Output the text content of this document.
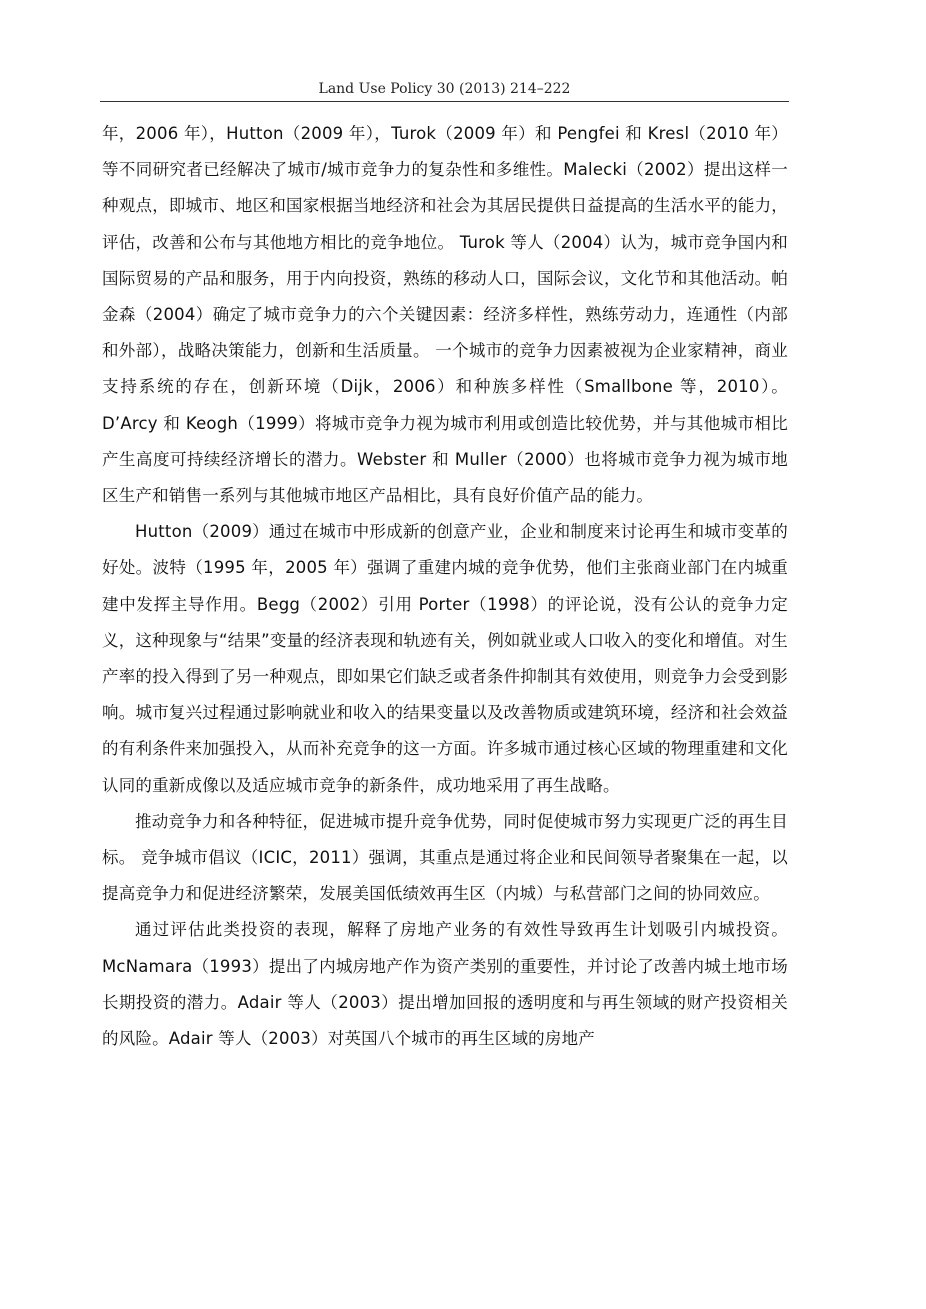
Land Use Policy 30 (2013) 214–222

年，2006 年），Hutton（2009 年），Turok（2009 年）和 Pengfei 和 Kresl（2010 年）等不同研究者已经解决了城市/城市竞争力的复杂性和多维性。Malecki（2002）提出这样一种观点，即城市、地区和国家根据当地经济和社会为其居民提供日益提高的生活水平的能力，评估，改善和公布与其他地方相比的竞争地位。 Turok 等人（2004）认为，城市竞争国内和国际贸易的产品和服务，用于内向投资，熟练的移动人口，国际会议，文化节和其他活动。帕金森（2004）确定了城市竞争力的六个关键因素：经济多样性，熟练劳动力，连通性（内部和外部），战略决策能力，创新和生活质量。 一个城市的竞争力因素被视为企业家精神，商业支持系统的存在，创新环境（Dijk，2006）和种族多样性（Smallbone 等，2010）。D’Arcy 和 Keogh（1999）将城市竞争力视为城市利用或创造比较优势，并与其他城市相比产生高度可持续经济增长的潜力。Webster 和 Muller（2000）也将城市竞争力视为城市地区生产和销售一系列与其他城市地区产品相比，具有良好价值产品的能力。

Hutton（2009）通过在城市中形成新的创意产业，企业和制度来讨论再生和城市变革的好处。波特（1995 年，2005 年）强调了重建内城的竞争优势，他们主张商业部门在内城重建中发挥主导作用。Begg（2002）引用 Porter（1998）的评论说，没有公认的竞争力定义，这种现象与“结果”变量的经济表现和轨迹有关，例如就业或人口收入的变化和增值。对生产率的投入得到了另一种观点，即如果它们缺乏或者条件抑制其有效使用，则竞争力会受到影响。城市复兴过程通过影响就业和收入的结果变量以及改善物质或建筑环境，经济和社会效益的有利条件来加强投入，从而补充竞争的这一方面。许多城市通过核心区域的物理重建和文化认同的重新成像以及适应城市竞争的新条件，成功地采用了再生战略。

推动竞争力和各种特征，促进城市提升竞争优势，同时促使城市努力实现更广泛的再生目标。 竞争城市倡议（ICIC，2011）强调，其重点是通过将企业和民间领导者聚集在一起，以提高竞争力和促进经济繁荣，发展美国低绩效再生区（内城）与私营部门之间的协同效应。

通过评估此类投资的表现，解释了房地产业务的有效性导致再生计划吸引内城投资。McNamara（1993）提出了内城房地产作为资产类别的重要性，并讨论了改善内城土地市场长期投资的潜力。Adair 等人（2003）提出增加回报的透明度和与再生领域的财产投资相关的风险。Adair 等人（2003）对英国八个城市的再生区域的房地产
